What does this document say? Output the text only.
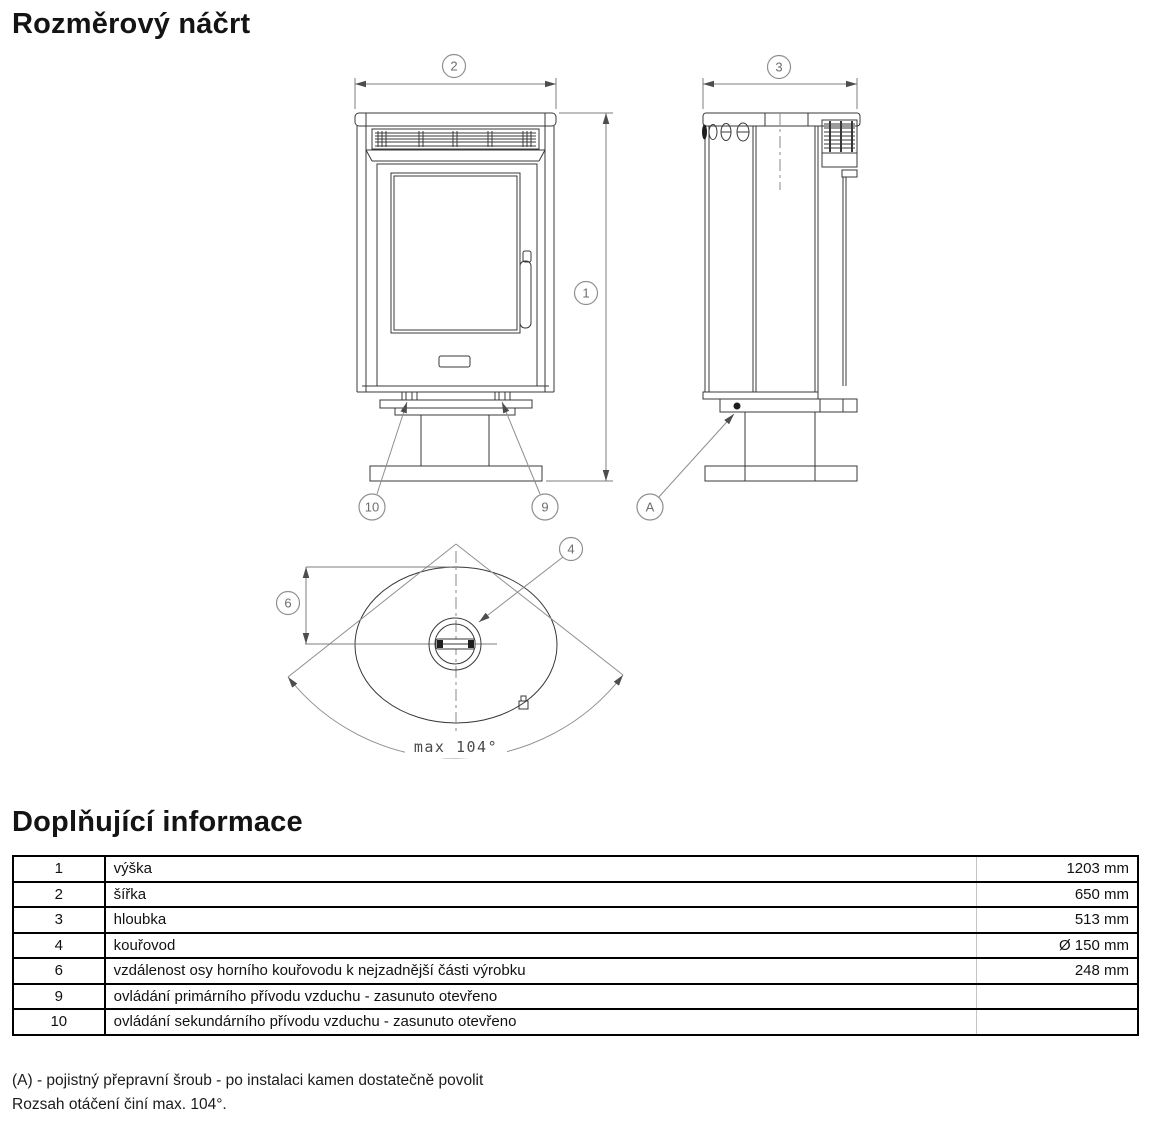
Rozměrový náčrt
max 104°
2	3
1
6
4
10	9	A
Doplňující informace
1	výška	1203 mm
2	šířka	650 mm
3	hloubka	513 mm
4	kouřovod	Ø 150 mm
6	vzdálenost osy horního kouřovodu k nejzadnější části výrobku	248 mm
9	ovládání primárního přívodu vzduchu - zasunuto otevřeno	
10	ovládání sekundárního přívodu vzduchu - zasunuto otevřeno	

(A) - pojistný přepravní šroub - po instalaci kamen dostatečně povolit

Rozsah otáčení činí max. 104°.
